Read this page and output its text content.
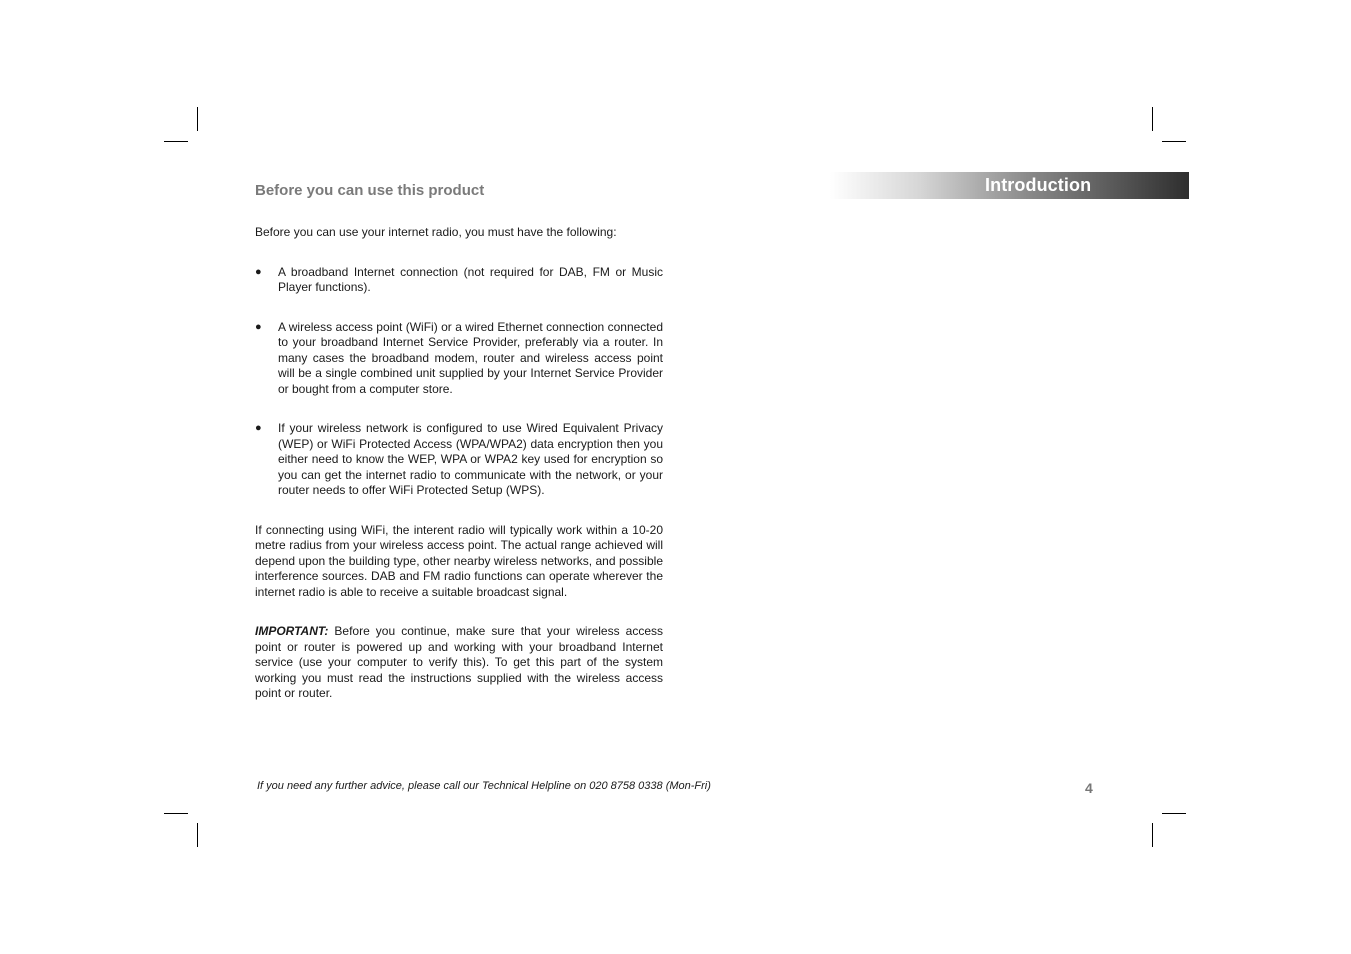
Introduction
Before you can use this product

Before you can use your internet radio, you must have the following:

● A broadband Internet connection (not required for DAB, FM or Music Player functions).
● A wireless access point (WiFi) or a wired Ethernet connection connected to your broadband Internet Service Provider, preferably via a router. In many cases the broadband modem, router and wireless access point will be a single combined unit supplied by your Internet Service Provider or bought from a computer store.
● If your wireless network is configured to use Wired Equivalent Privacy (WEP) or WiFi Protected Access (WPA/WPA2) data encryption then you either need to know the WEP, WPA or WPA2 key used for encryption so you can get the internet radio to communicate with the network, or your router needs to offer WiFi Protected Setup (WPS).

If connecting using WiFi, the interent radio will typically work within a 10-20 metre radius from your wireless access point. The actual range achieved will depend upon the building type, other nearby wireless networks, and possible interference sources. DAB and FM radio functions can operate wherever the internet radio is able to receive a suitable broadcast signal.

IMPORTANT: Before you continue, make sure that your wireless access point or router is powered up and working with your broadband Internet service (use your computer to verify this). To get this part of the system working you must read the instructions supplied with the wireless access point or router.

If you need any further advice, please call our Technical Helpline on 020 8758 0338 (Mon-Fri)	4
